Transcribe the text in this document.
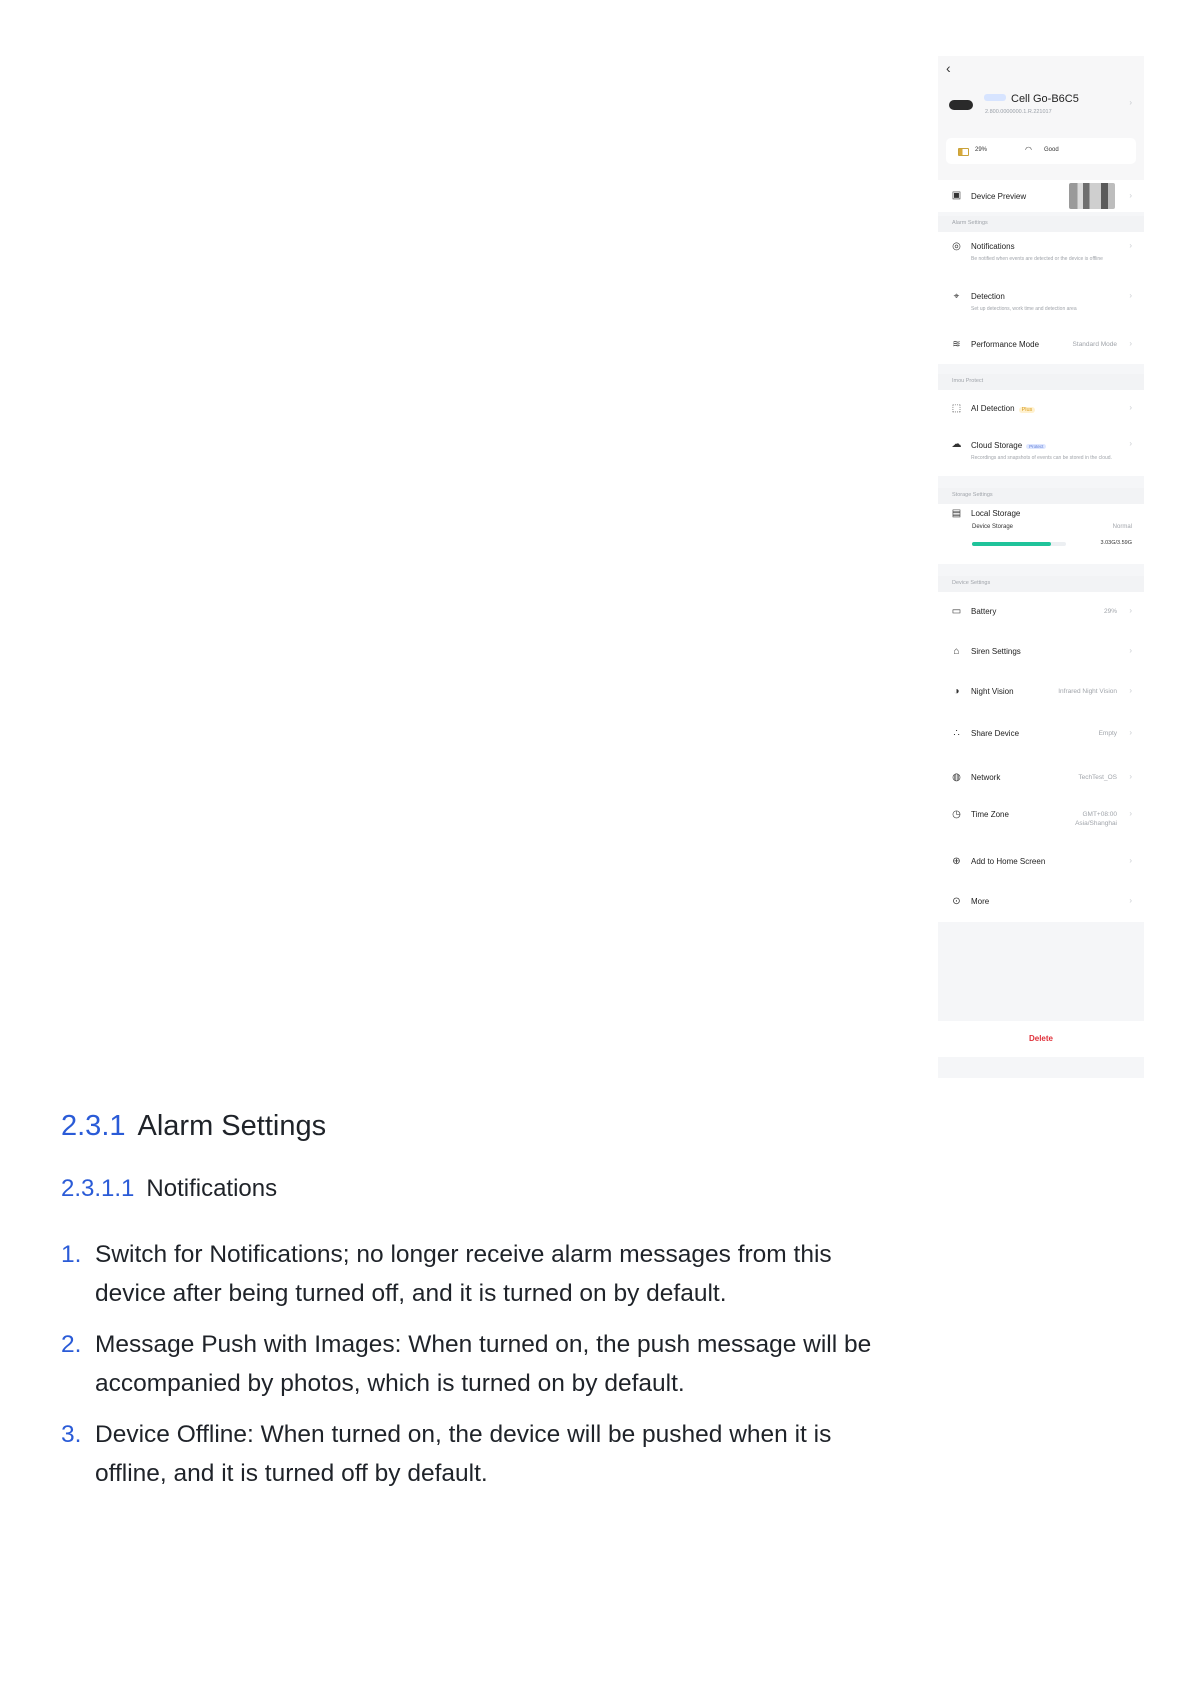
‹
Cell Go-B6C5
2.800.0000000.1.R.221017
›
29%	◠ Good
▣ Device Preview	›
Alarm Settings
◎ Notifications
Be notified when events are detected or the device is offline
›
⌖	Detection
Set up detections, work time and detection area
›
≋ Performance Mode	Standard Mode ›
Imou Protect
⬚ AI Detection Plus	›
☁ Cloud Storage Protect
Recordings and snapshots of events can be stored in the cloud.
›
Storage Settings
▤ Local Storage
Device Storage	Normal
3.03G/3.59G
Device Settings
▭ Battery	29% ›
⌂	Siren Settings	›
◑	Night Vision	Infrared Night Vision ›
∴	Share Device	Empty ›
◍ Network	TechTest_OS ›
◷ Time Zone	GMT+08:00 Asia/Shanghai
›
⊕ Add to Home Screen	›
⊙ More	›
Delete
2.3.1 Alarm Settings
2.3.1.1 Notifications
1. Switch for Notifications; no longer receive alarm messages from this device after being turned off, and it is turned on by default.
2. Message Push with Images: When turned on, the push message will be accompanied by photos, which is turned on by default.
3. Device Offline: When turned on, the device will be pushed when it is offline, and it is turned off by default.
